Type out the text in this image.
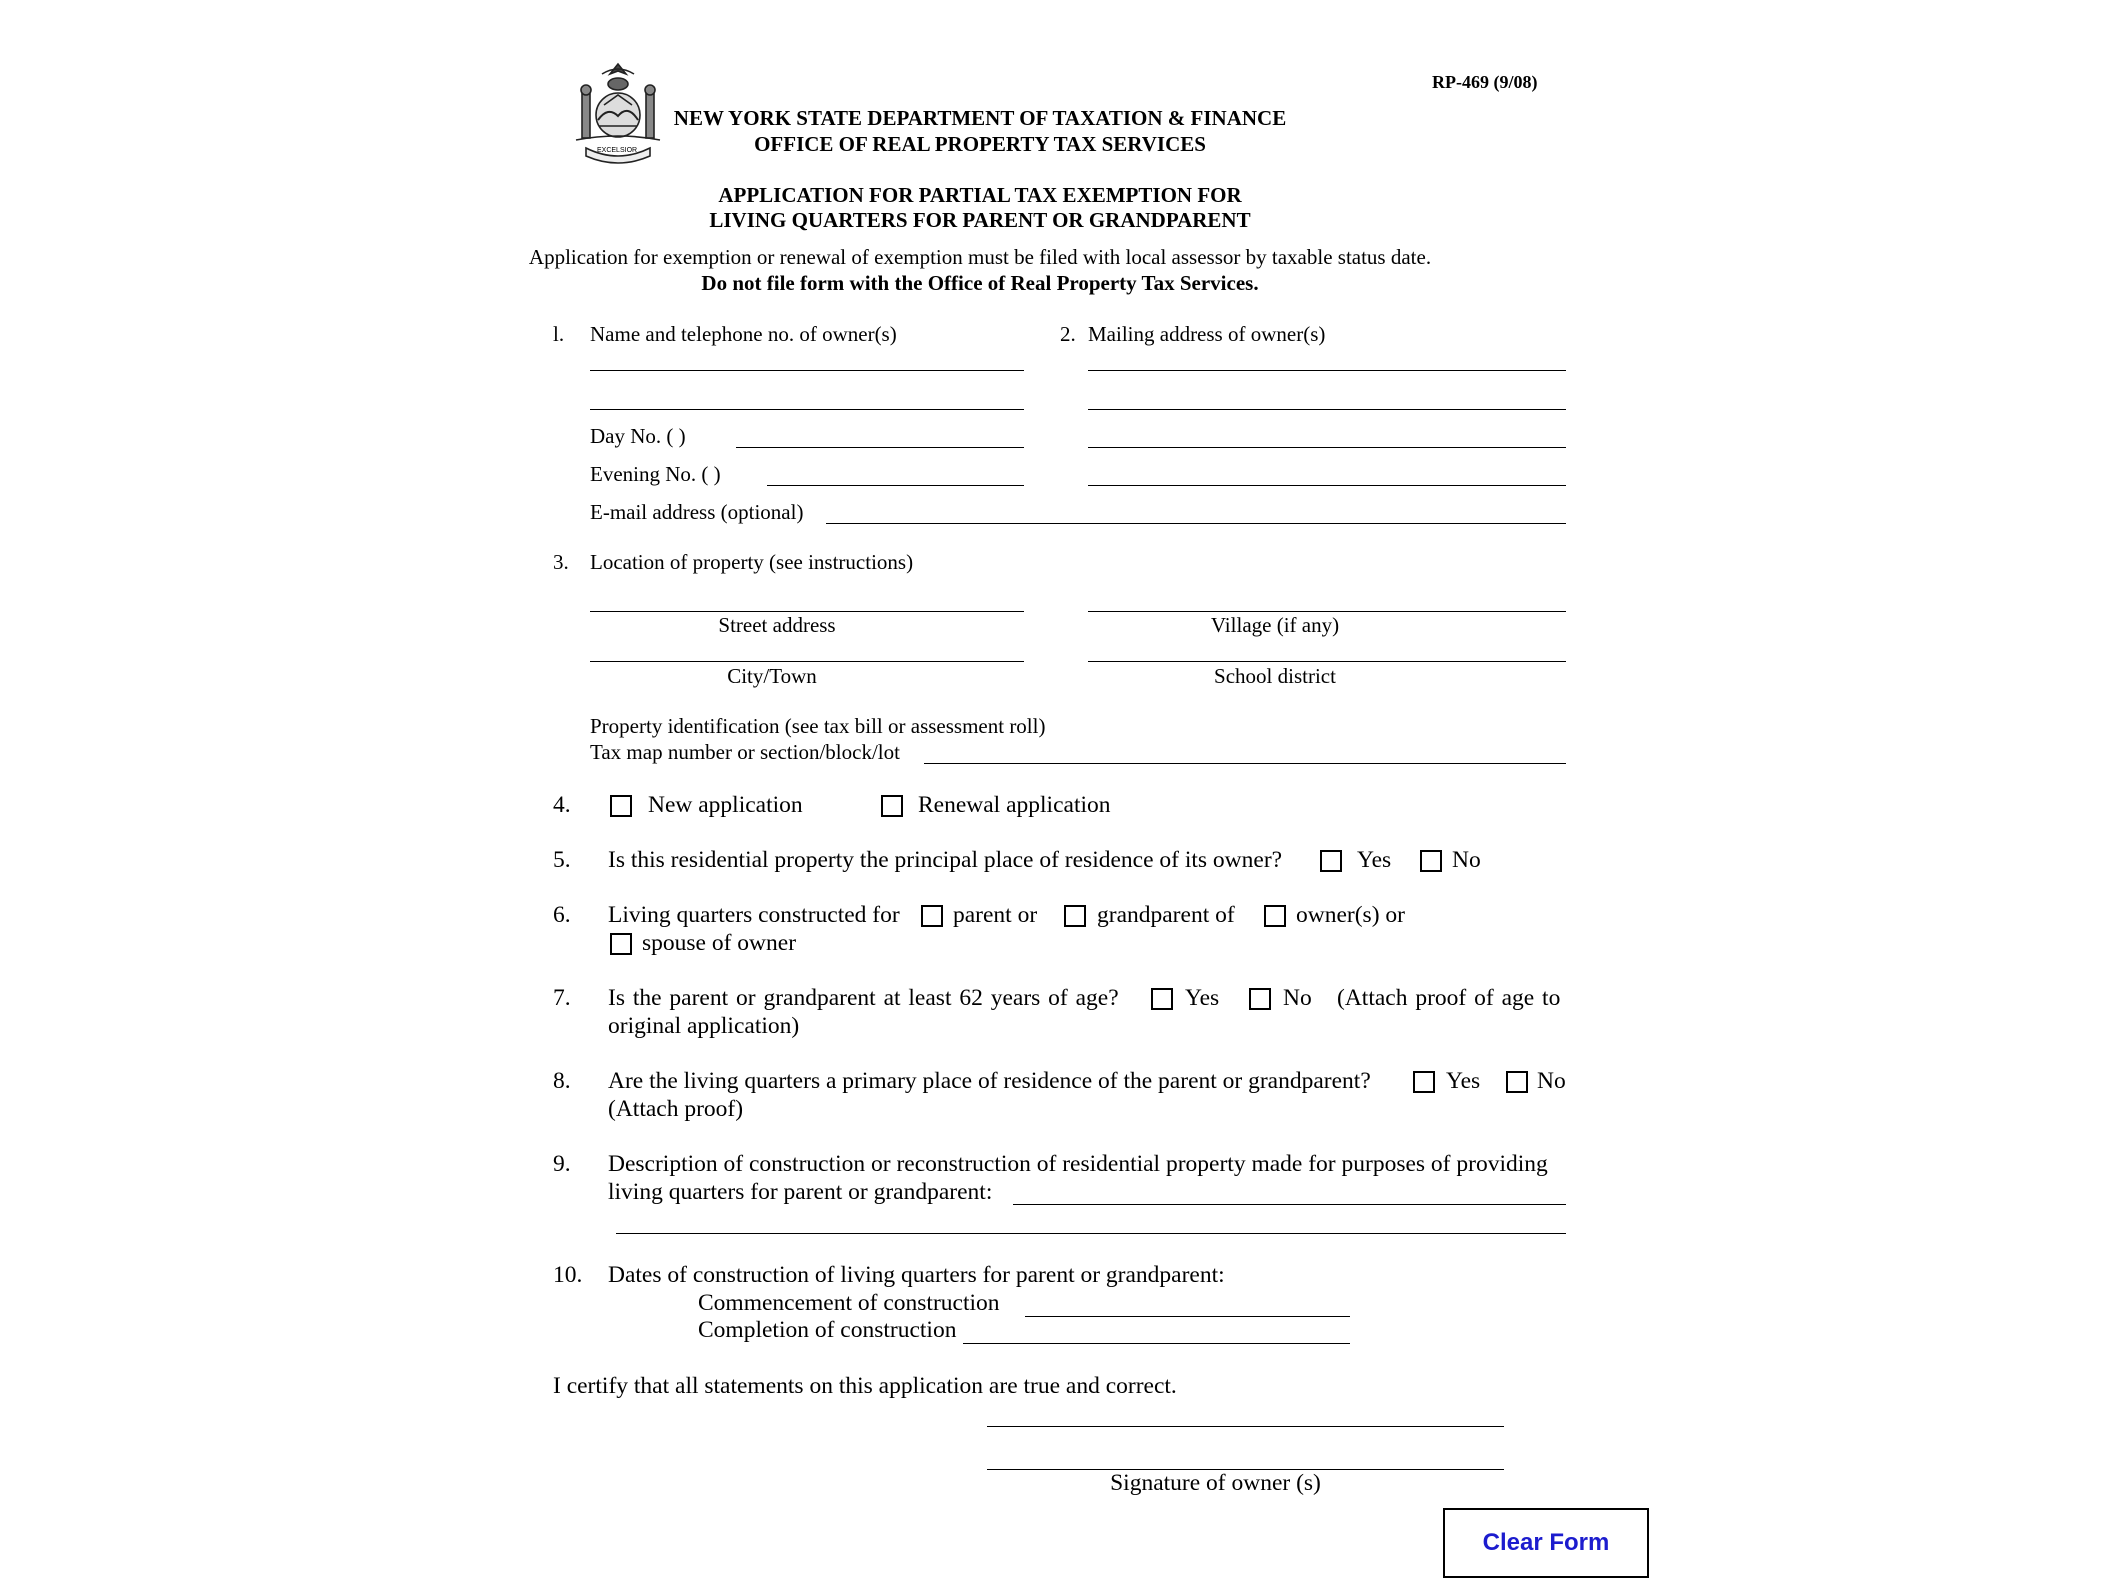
EXCELSIOR
RP-469 (9/08)
NEW YORK STATE DEPARTMENT OF TAXATION & FINANCE
OFFICE OF REAL PROPERTY TAX SERVICES
APPLICATION FOR PARTIAL TAX EXEMPTION FOR
LIVING QUARTERS FOR PARENT OR GRANDPARENT
Application for exemption or renewal of exemption must be filed with local assessor by taxable status date.
Do not file form with the Office of Real Property Tax Services.
l. Name and telephone no. of owner(s)	2. Mailing address of owner(s)
Day No. ( )
Evening No. ( )
E-mail address (optional)
3. Location of property (see instructions)
Street address	Village (if any)
City/Town	School district
Property identification (see tax bill or assessment roll)
Tax map number or section/block/lot
4.	New application	Renewal application
5. Is this residential property the principal place of residence of its owner?	Yes	No
6. Living quarters constructed for parent or	grandparent of	owner(s) or
spouse of owner
7. Is the parent or grandparent at least 62 years of age?	Yes	No (Attach proof of age to
original application)
8. Are the living quarters a primary place of residence of the parent or grandparent?	Yes No
(Attach proof)
9. Description of construction or reconstruction of residential property made for purposes of providing
living quarters for parent or grandparent:
10. Dates of construction of living quarters for parent or grandparent:
Commencement of construction
Completion of construction
I certify that all statements on this application are true and correct.
Signature of owner (s)
Clear Form
